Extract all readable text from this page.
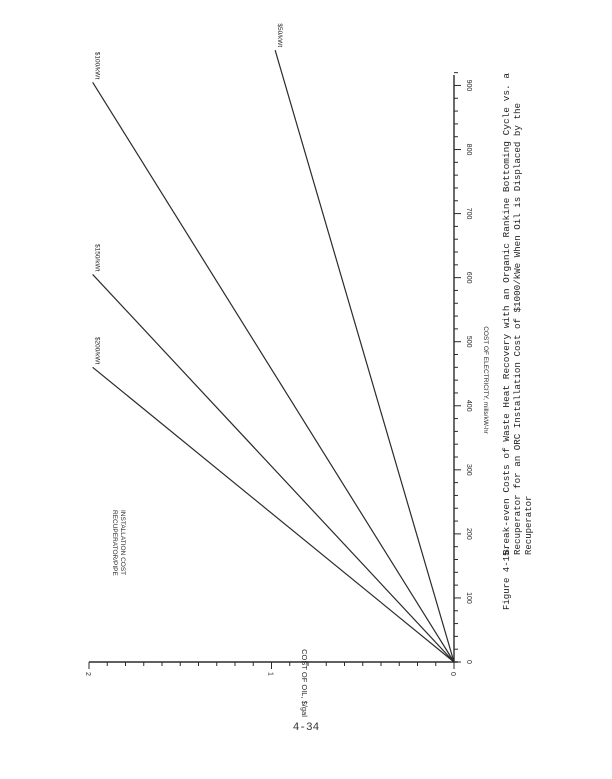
0
100
200
300
400
500
600
700
800
900
0
1
2
$50/kWt
$100/kWt
$150/kWt
$200/kWt	COST OF ELECTRICITY, mills/kW-hr
COST OF OIL, $/gal
RECUPERATOR/PIPE INSTALLATION COST
Figure 4-15.
Break-even Costs of Waste Heat Recovery with an Organic Rankine Bottoming Cycle vs. a Recuperator for an ORC Installation Cost of $1000/kWe When Oil is Displaced by the Recuperator
4-34
